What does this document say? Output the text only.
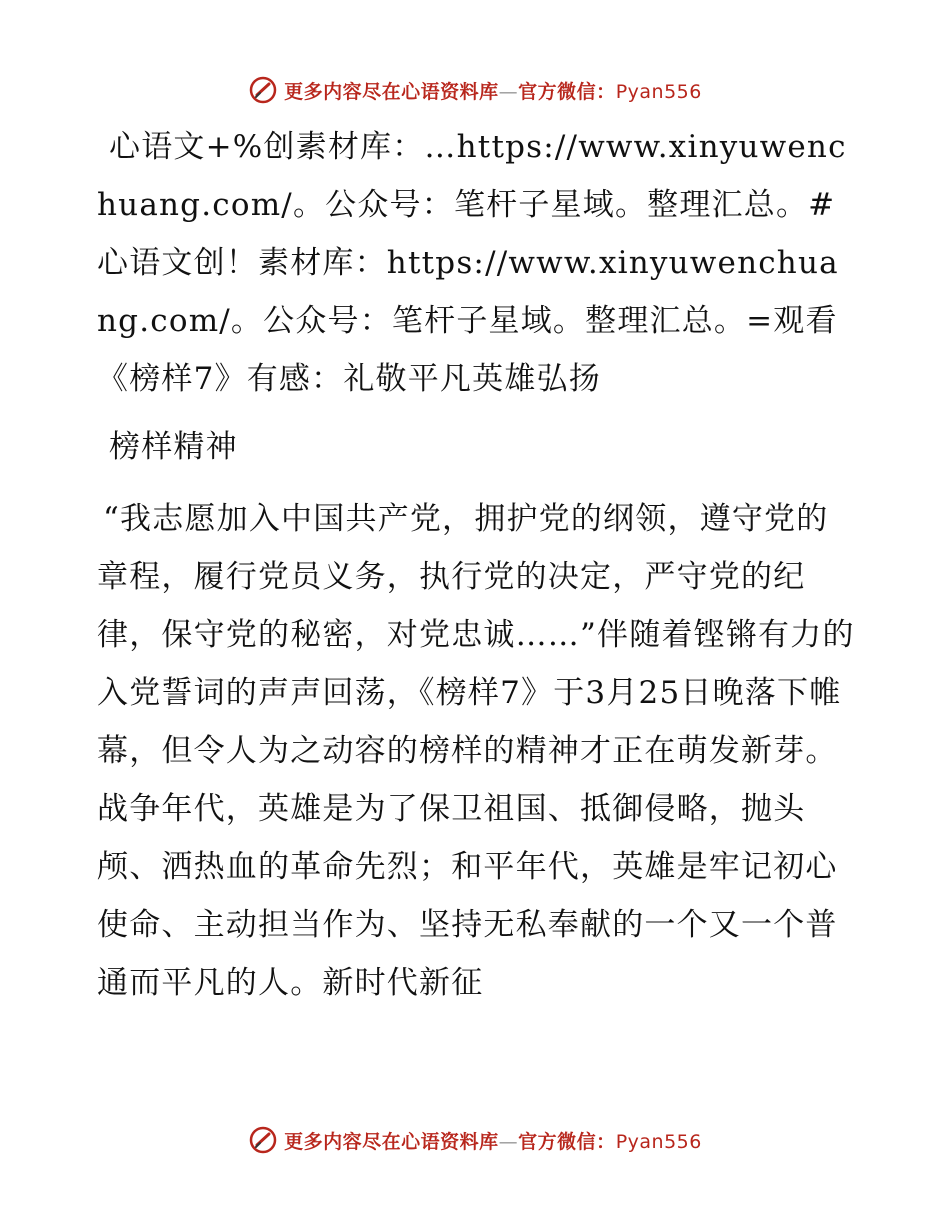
更多内容尽在心语资料库—官方微信：Pyan556

心语文+%创素材库：…https://www.xinyuwenchuang.com/。公众号：笔杆子星域。整理汇总。#心语文创！素材库：https://www.xinyuwenchuang.com/。公众号：笔杆子星域。整理汇总。=观看《榜样7》有感：礼敬平凡英雄弘扬

榜样精神

“我志愿加入中国共产党，拥护党的纲领，遵守党的章程，履行党员义务，执行党的决定，严守党的纪律，保守党的秘密，对党忠诚……”伴随着铿锵有力的入党誓词的声声回荡，《榜样7》于3月25日晚落下帷幕，但令人为之动容的榜样的精神才正在萌发新芽。战争年代，英雄是为了保卫祖国、抵御侵略，抛头颅、洒热血的革命先烈；和平年代，英雄是牢记初心使命、主动担当作为、坚持无私奉献的一个又一个普通而平凡的人。新时代新征

更多内容尽在心语资料库—官方微信：Pyan556
